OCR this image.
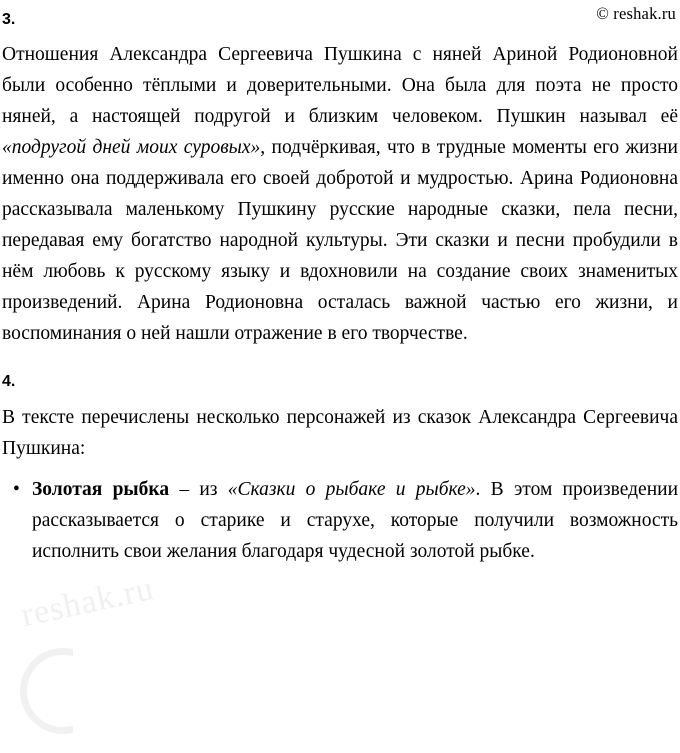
© reshak.ru
3.

Отношения Александра Сергеевича Пушкина с няней Ариной Родионовной были особенно тёплыми и доверительными. Она была для поэта не просто няней, а настоящей подругой и близким человеком. Пушкин называл её «подругой дней моих суровых», подчёркивая, что в трудные моменты его жизни именно она поддерживала его своей добротой и мудростью. Арина Родионовна рассказывала маленькому Пушкину русские народные сказки, пела песни, передавая ему богатство народной культуры. Эти сказки и песни пробудили в нём любовь к русскому языку и вдохновили на создание своих знаменитых произведений. Арина Родионовна осталась важной частью его жизни, и воспоминания о ней нашли отражение в его творчестве.

4.

В тексте перечислены несколько персонажей из сказок Александра Сергеевича Пушкина:

• Золотая рыбка – из «Сказки о рыбаке и рыбке». В этом произведении рассказывается о старике и старухе, которые получили возможность исполнить свои желания благодаря чудесной золотой рыбке.
reshak.ru
